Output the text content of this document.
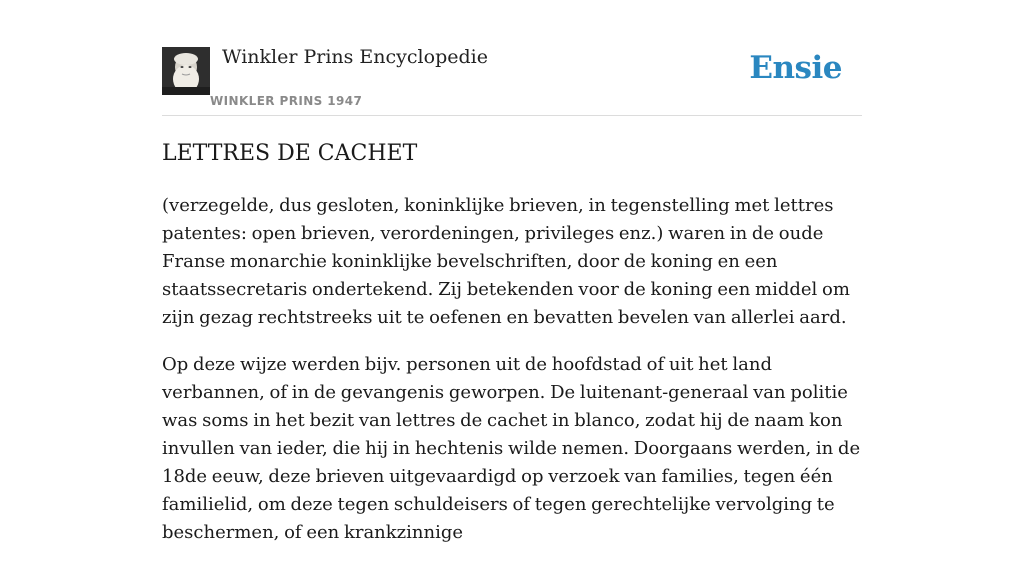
Winkler Prins Encyclopedie
WINKLER PRINS 1947
Ensie
LETTRES DE CACHET

(verzegelde, dus gesloten, koninklijke brieven, in tegenstelling met lettres patentes: open brieven, verordeningen, privileges enz.) waren in de oude Franse monarchie koninklijke bevelschriften, door de koning en een staatssecretaris ondertekend. Zij betekenden voor de koning een middel om zijn gezag rechtstreeks uit te oefenen en bevatten bevelen van allerlei aard.

Op deze wijze werden bijv. personen uit de hoofdstad of uit het land verbannen, of in de gevangenis geworpen. De luitenant-generaal van politie was soms in het bezit van lettres de cachet in blanco, zodat hij de naam kon invullen van ieder, die hij in hechtenis wilde nemen. Doorgaans werden, in de 18de eeuw, deze brieven uitgevaardigd op verzoek van families, tegen één familielid, om deze tegen schuldeisers of tegen gerechtelijke vervolging te beschermen, of een krankzinnige
